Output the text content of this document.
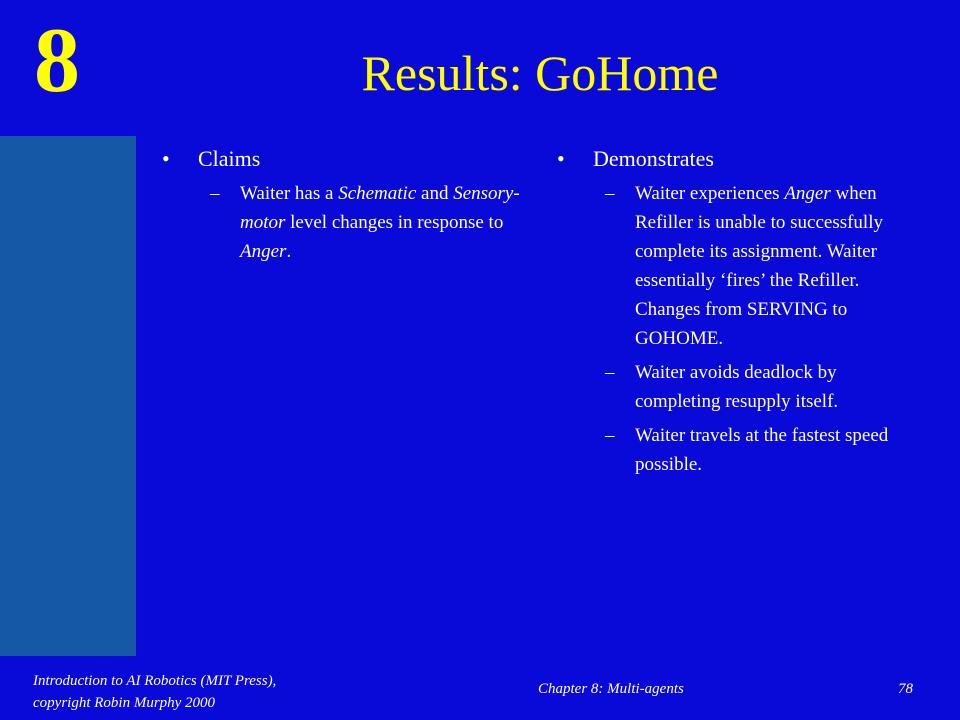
8	Results: GoHome
• Claims
– Waiter has a Schematic and Sensory-motor level changes in response to Anger.
• Demonstrates
– Waiter experiences Anger when Refiller is unable to successfully complete its assignment. Waiter essentially ‘fires’ the Refiller. Changes from SERVING to GOHOME.
– Waiter avoids deadlock by completing resupply itself.
– Waiter travels at the fastest speed possible.
Introduction to AI Robotics (MIT Press),
copyright Robin Murphy 2000
Chapter 8: Multi-agents	78
